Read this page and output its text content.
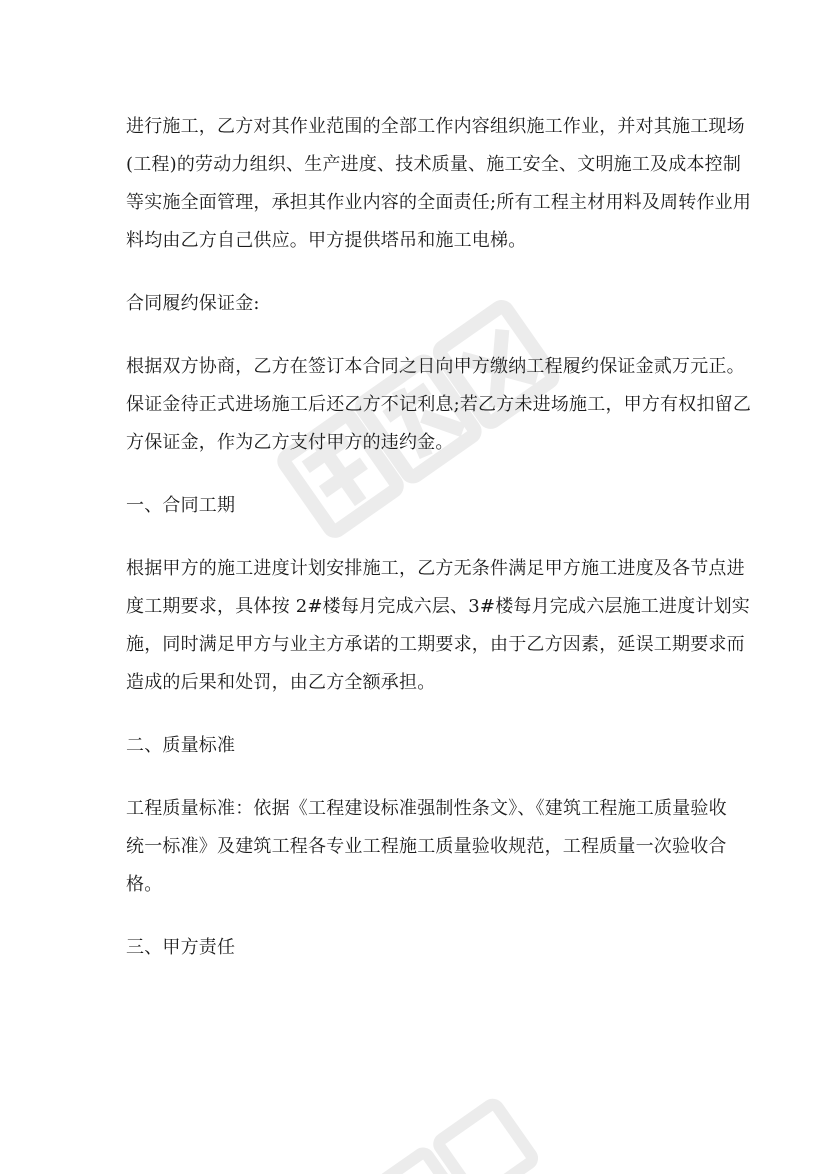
进行施工，乙方对其作业范围的全部工作内容组织施工作业，并对其施工现场
(工程)的劳动力组织、生产进度、技术质量、施工安全、文明施工及成本控制
等实施全面管理，承担其作业内容的全面责任;所有工程主材用料及周转作业用
料均由乙方自己供应。甲方提供塔吊和施工电梯。

合同履约保证金:

根据双方协商，乙方在签订本合同之日向甲方缴纳工程履约保证金贰万元正。
保证金待正式进场施工后还乙方不记利息;若乙方未进场施工，甲方有权扣留乙
方保证金，作为乙方支付甲方的违约金。

一、合同工期

根据甲方的施工进度计划安排施工，乙方无条件满足甲方施工进度及各节点进
度工期要求，具体按 2#楼每月完成六层、3#楼每月完成六层施工进度计划实
施，同时满足甲方与业主方承诺的工期要求，由于乙方因素，延误工期要求而
造成的后果和处罚，由乙方全额承担。

二、质量标准

工程质量标准：依据《工程建设标准强制性条文》、《建筑工程施工质量验收
统一标准》及建筑工程各专业工程施工质量验收规范，工程质量一次验收合
格。

三、甲方责任
